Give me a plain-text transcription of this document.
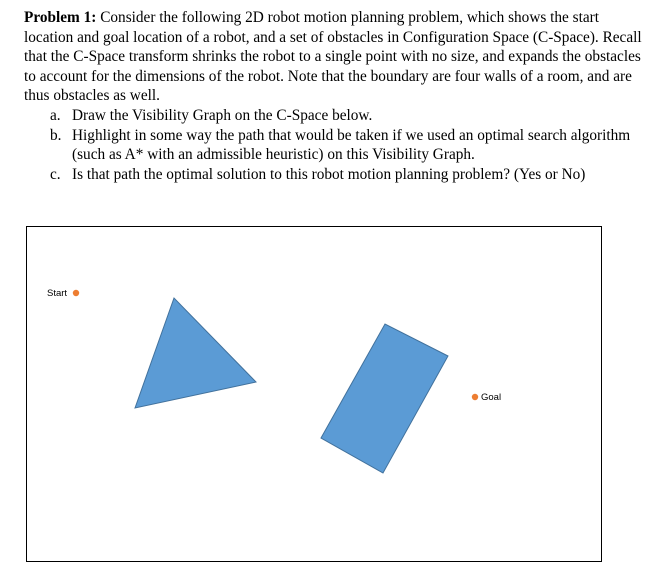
Problem 1: Consider the following 2D robot motion planning problem, which shows the start location and goal location of a robot, and a set of obstacles in Configuration Space (C-Space). Recall that the C-Space transform shrinks the robot to a single point with no size, and expands the obstacles to account for the dimensions of the robot. Note that the boundary are four walls of a room, and are thus obstacles as well.

a. Draw the Visibility Graph on the C-Space below.
b. Highlight in some way the path that would be taken if we used an optimal search algorithm (such as A* with an admissible heuristic) on this Visibility Graph.
c. Is that path the optimal solution to this robot motion planning problem? (Yes or No)
Start
Goal
